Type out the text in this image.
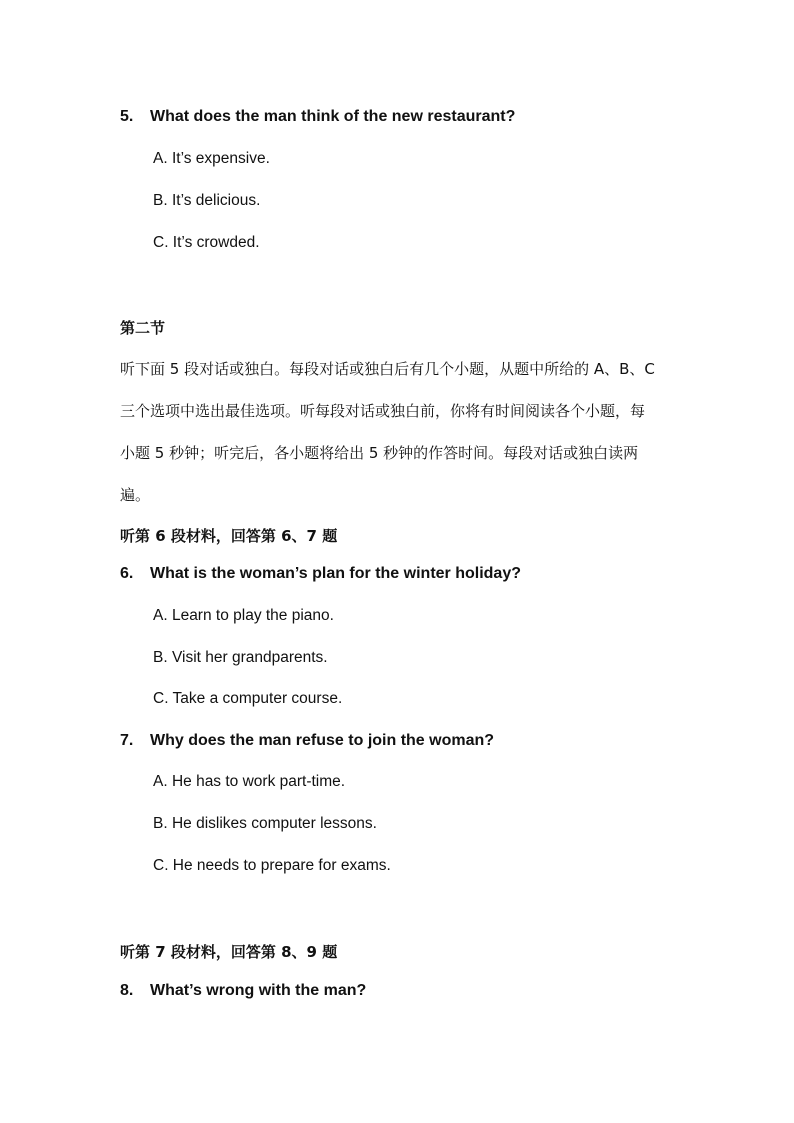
5. What does the man think of the new restaurant?
A. It’s expensive.
B. It’s delicious.
C. It’s crowded.
第二节
听下面 5 段对话或独白。每段对话或独白后有几个小题，从题中所给的 A、B、C
三个选项中选出最佳选项。听每段对话或独白前，你将有时间阅读各个小题，每
小题 5 秒钟；听完后，各小题将给出 5 秒钟的作答时间。每段对话或独白读两
遍。
听第 6 段材料，回答第 6、7 题
6. What is the woman’s plan for the winter holiday?
A. Learn to play the piano.
B. Visit her grandparents.
C. Take a computer course.
7. Why does the man refuse to join the woman?
A. He has to work part-time.
B. He dislikes computer lessons.
C. He needs to prepare for exams.
听第 7 段材料，回答第 8、9 题
8. What’s wrong with the man?
